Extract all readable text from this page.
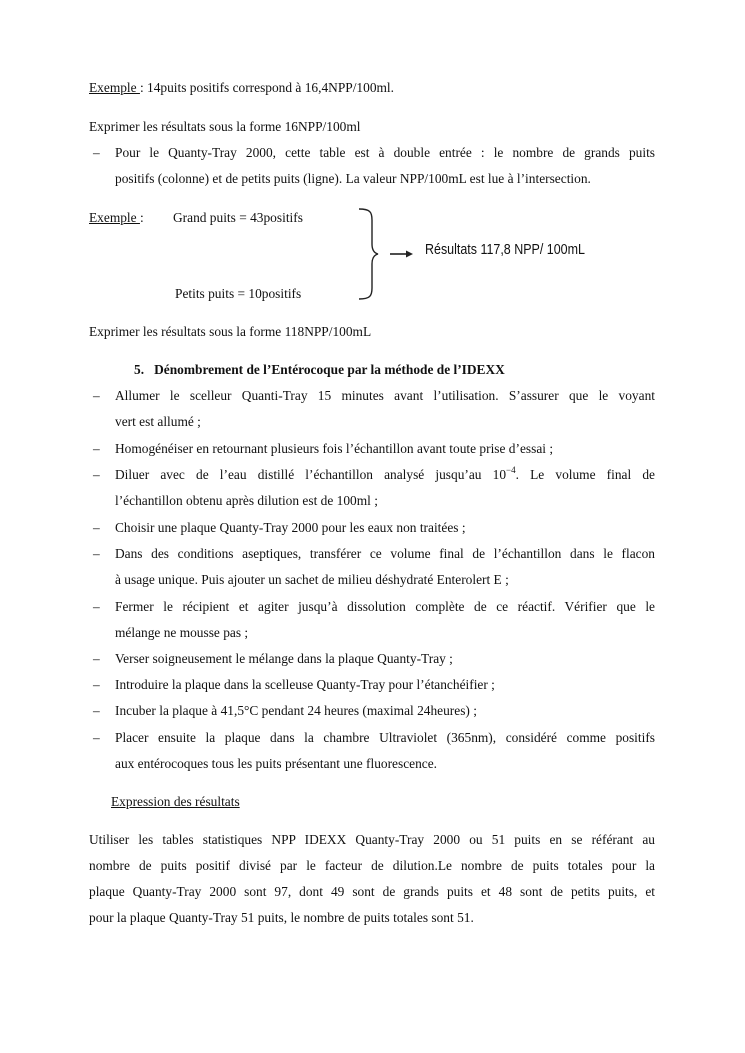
Exemple : 14puits positifs correspond à 16,4NPP/100ml.
Exprimer les résultats sous la forme 16NPP/100ml
– Pour le Quanty-Tray 2000, cette table est à double entrée : le nombre de grands puits
positifs (colonne) et de petits puits (ligne). La valeur NPP/100mL est lue à l’intersection.
Exemple : Grand puits = 43positifs
Petits puits = 10positifs
Résultats 117,8 NPP/ 100mL
Exprimer les résultats sous la forme 118NPP/100mL
5. Dénombrement de l’Entérocoque par la méthode de l’IDEXX
– Allumer le scelleur Quanti-Tray 15 minutes avant l’utilisation. S’assurer que le voyant
vert est allumé ;
– Homogénéiser en retournant plusieurs fois l’échantillon avant toute prise d’essai ;
– Diluer avec de l’eau distillé l’échantillon analysé jusqu’au $10^{-4}$. Le volume final de
l’échantillon obtenu après dilution est de 100ml ;
– Choisir une plaque Quanty-Tray 2000 pour les eaux non traitées ;
– Dans des conditions aseptiques, transférer ce volume final de l’échantillon dans le flacon
à usage unique. Puis ajouter un sachet de milieu déshydraté Enterolert E ;
– Fermer le récipient et agiter jusqu’à dissolution complète de ce réactif. Vérifier que le
mélange ne mousse pas ;
– Verser soigneusement le mélange dans la plaque Quanty-Tray ;
– Introduire la plaque dans la scelleuse Quanty-Tray pour l’étanchéifier ;
– Incuber la plaque à 41,5°C pendant 24 heures (maximal 24heures) ;
– Placer ensuite la plaque dans la chambre Ultraviolet (365nm), considéré comme positifs
aux entérocoques tous les puits présentant une fluorescence.
Expression des résultats
Utiliser les tables statistiques NPP IDEXX Quanty-Tray 2000 ou 51 puits en se référant au
nombre de puits positif divisé par le facteur de dilution.Le nombre de puits totales pour la
plaque Quanty-Tray 2000 sont 97, dont 49 sont de grands puits et 48 sont de petits puits, et
pour la plaque Quanty-Tray 51 puits, le nombre de puits totales sont 51.
